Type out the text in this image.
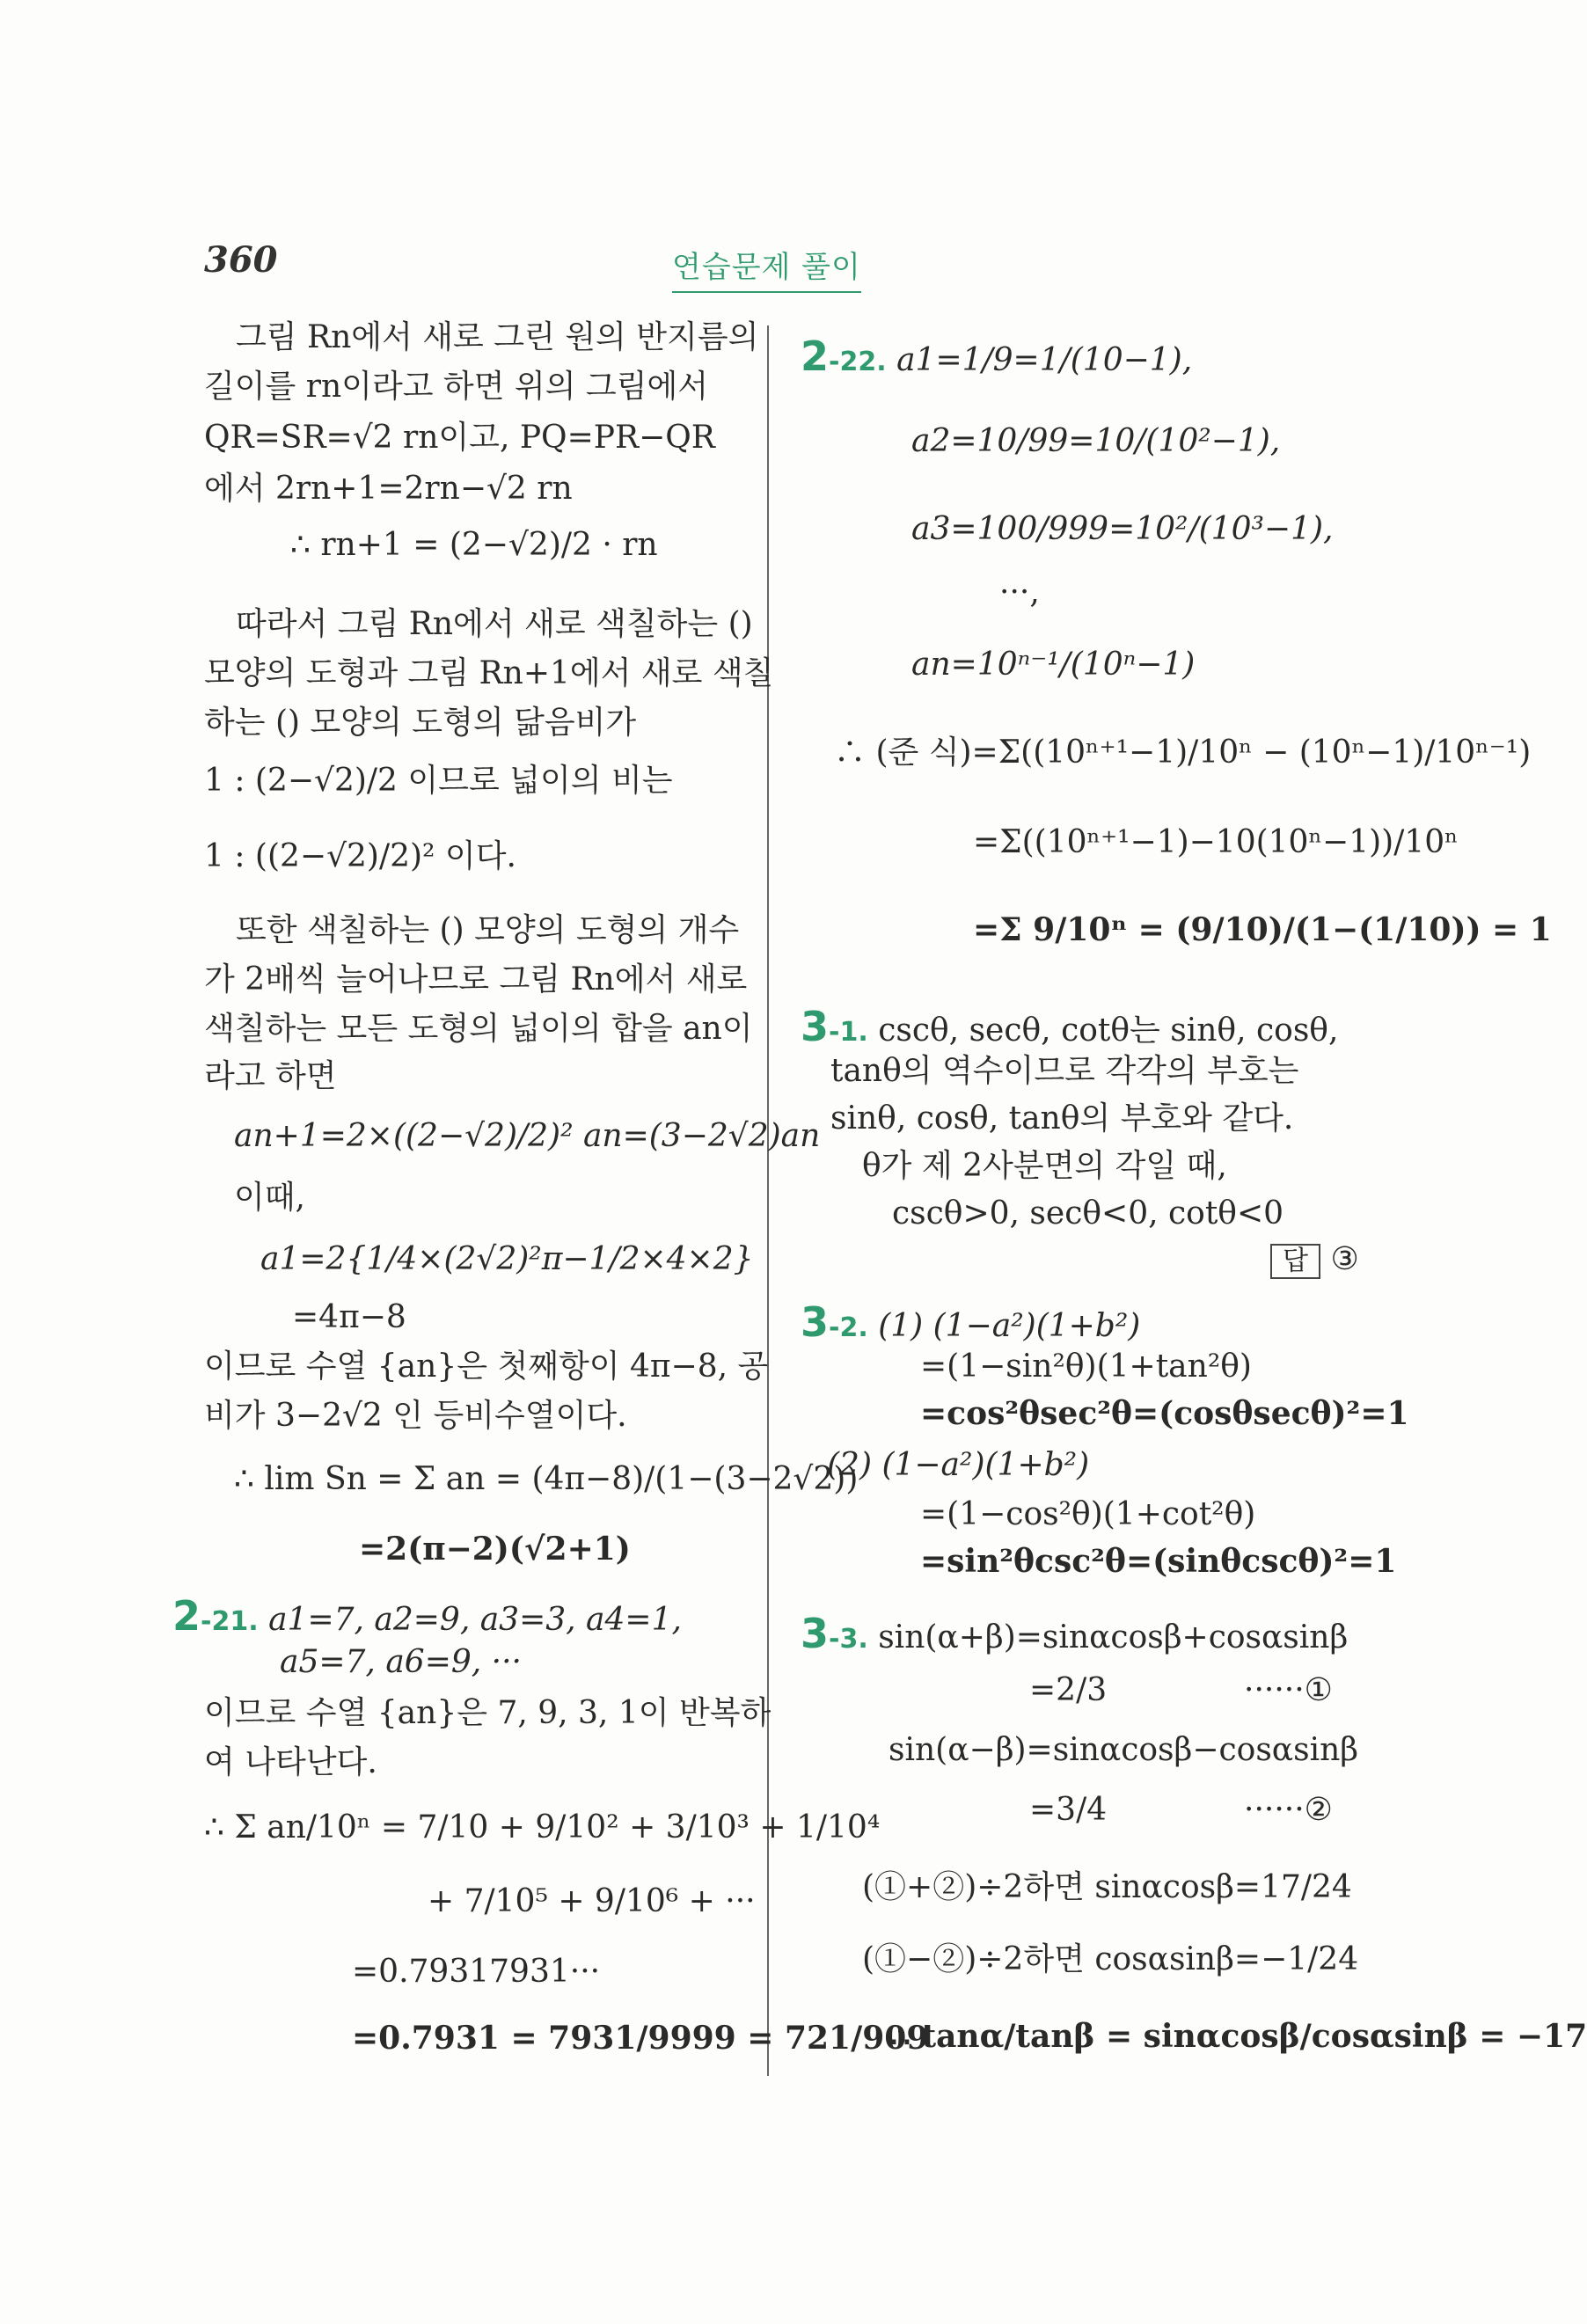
360	연습문제 풀이
그림 Rn에서 새로 그린 원의 반지름의
길이를 rn이라고 하면 위의 그림에서
QR=SR=√2 rn이고, PQ=PR−QR
에서 2rn+1=2rn−√2 rn
∴ rn+1 = (2−√2)/2 · rn
따라서 그림 Rn에서 새로 색칠하는 ()
모양의 도형과 그림 Rn+1에서 새로 색칠
하는 () 모양의 도형의 닮음비가
1 : (2−√2)/2 이므로 넓이의 비는
1 : ((2−√2)/2)² 이다.
또한 색칠하는 () 모양의 도형의 개수
가 2배씩 늘어나므로 그림 Rn에서 새로
색칠하는 모든 도형의 넓이의 합을 an이
라고 하면
an+1=2×((2−√2)/2)² an=(3−2√2)an
이때,
a1=2{1/4×(2√2)²π−1/2×4×2}
=4π−8
이므로 수열 {an}은 첫째항이 4π−8, 공
비가 3−2√2 인 등비수열이다.
∴ lim Sn = Σ an = (4π−8)/(1−(3−2√2))
=2(π−2)(√2+1)
2-21. a1=7, a2=9, a3=3, a4=1,
a5=7, a6=9, ···
이므로 수열 {an}은 7, 9, 3, 1이 반복하
여 나타난다.
∴ Σ an/10ⁿ = 7/10 + 9/10² + 3/10³ + 1/10⁴
+ 7/10⁵ + 9/10⁶ + ···
=0.79317931···
=0.7931 = 7931/9999 = 721/909
2-22. a1=1/9=1/(10−1),
a2=10/99=10/(10²−1),
a3=100/999=10²/(10³−1),
···,
an=10ⁿ⁻¹/(10ⁿ−1)
∴ (준 식)=Σ((10ⁿ⁺¹−1)/10ⁿ − (10ⁿ−1)/10ⁿ⁻¹)
=Σ((10ⁿ⁺¹−1)−10(10ⁿ−1))/10ⁿ
=Σ 9/10ⁿ = (9/10)/(1−(1/10)) = 1
3-1. cscθ, secθ, cotθ는 sinθ, cosθ,
tanθ의 역수이므로 각각의 부호는
sinθ, cosθ, tanθ의 부호와 같다.
θ가 제 2사분면의 각일 때,
cscθ>0, secθ<0, cotθ<0
답 ③
3-2. (1) (1−a²)(1+b²)
=(1−sin²θ)(1+tan²θ)
=cos²θsec²θ=(cosθsecθ)²=1
(2) (1−a²)(1+b²)
=(1−cos²θ)(1+cot²θ)
=sin²θcsc²θ=(sinθcscθ)²=1
3-3. sin(α+β)=sinαcosβ+cosαsinβ
=2/3	······①
sin(α−β)=sinαcosβ−cosαsinβ
=3/4	······②
(①+②)÷2하면 sinαcosβ=17/24
(①−②)÷2하면 cosαsinβ=−1/24
∴ tanα/tanβ = sinαcosβ/cosαsinβ = −17
